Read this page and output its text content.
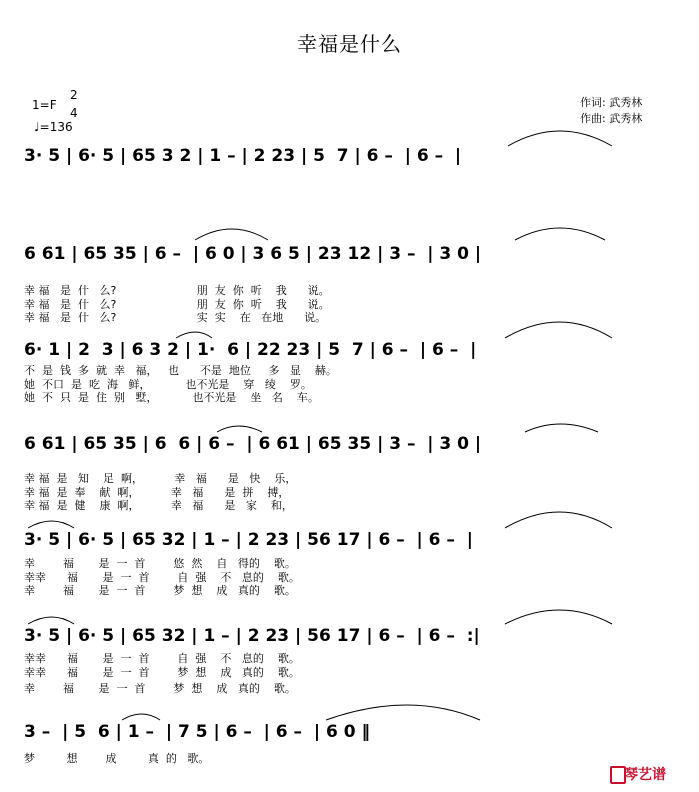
幸福是什么
作词: 武秀林
作曲: 武秀林
1=F
2
4
♩=136
3· 5 | 6· 5 | 65 3 2 | 1 – | 2 23 | 5  7 | 6 –  | 6 –  |
6 61 | 65 35 | 6 –  | 6 0 | 3 6 5 | 23 12 | 3 –  | 3 0 |
幸 福   是  什   么?                       朋  友  你  听    我      说。
幸 福   是  什   么?                       朋  友  你  听    我      说。
幸 福   是  什   么?                       实  实    在   在地      说。
6· 1 | 2  3 | 6 3 2 | 1·  6 | 22 23 | 5  7 | 6 –  | 6 –  |
不  是  钱  多  就  幸   福，   也      不是  地位     多   显    赫。
她  不口  是  吃  海   鲜，          也不光是    穿   绫    罗。
她  不  只  是  住  别   墅，          也不光是    坐   名    车。
6 61 | 65 35 | 6  6 | 6 –  | 6 61 | 65 35 | 3 –  | 3 0 |
幸 福  是   知    足  啊，         幸   福      是   快    乐，
幸 福  是  奉    献  啊，         幸   福      是  拼    搏，
幸 福  是  健    康  啊，         幸   福      是   家    和，
3· 5 | 6· 5 | 65 32 | 1 – | 2 23 | 56 17 | 6 –  | 6 –  |
幸        福       是  一  首        悠  然    自   得的    歌。
幸幸      福       是  一  首        自  强    不   息的    歌。
幸        福       是  一  首        梦  想    成   真的    歌。
3· 5 | 6· 5 | 65 32 | 1 – | 2 23 | 56 17 | 6 –  | 6 –  :|
幸幸      福       是  一  首        自  强    不   息的    歌。
幸幸      福       是  一  首        梦  想    成   真的    歌。
幸        福       是  一  首        梦  想    成   真的    歌。
3 –  | 5  6 | 1 –  | 7 5 | 6 –  | 6 –  | 6 0 ‖
梦         想        成         真  的   歌。
琴艺谱
